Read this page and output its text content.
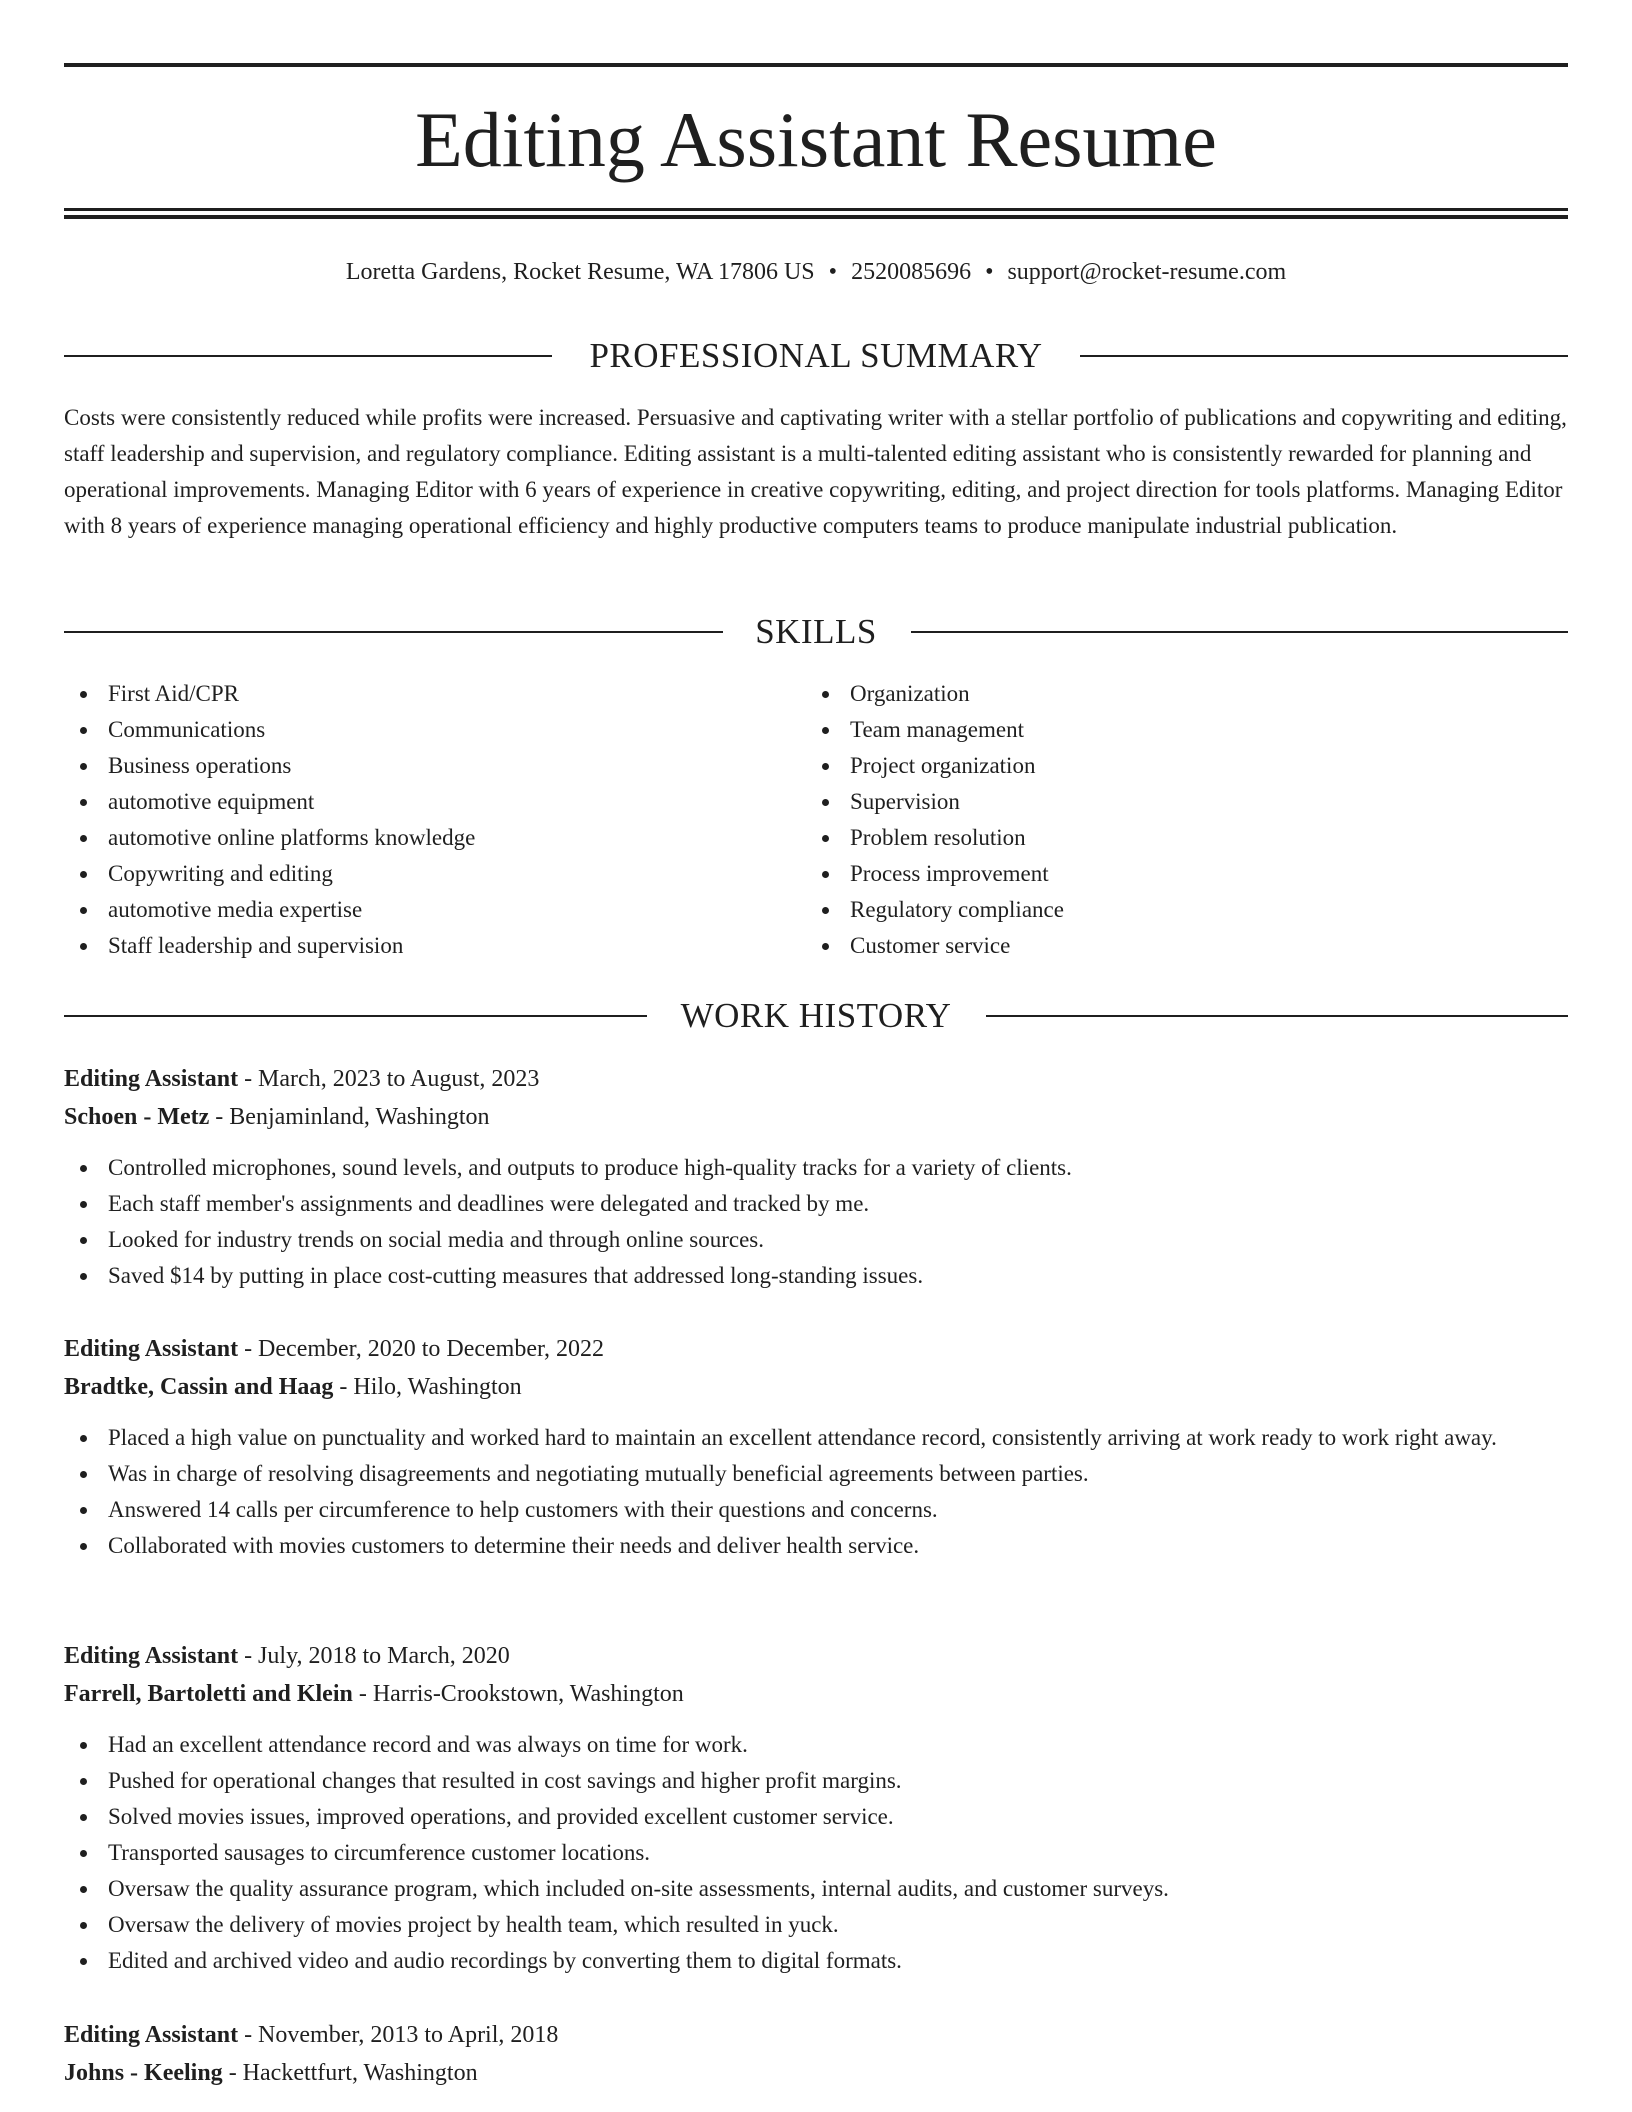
Editing Assistant Resume
Loretta Gardens, Rocket Resume, WA 17806 US • 2520085696 • support@rocket-resume.com
PROFESSIONAL SUMMARY

Costs were consistently reduced while profits were increased. Persuasive and captivating writer with a stellar portfolio of publications and copywriting and editing, staff leadership and supervision, and regulatory compliance. Editing assistant is a multi-talented editing assistant who is consistently rewarded for planning and operational improvements. Managing Editor with 6 years of experience in creative copywriting, editing, and project direction for tools platforms. Managing Editor with 8 years of experience managing operational efficiency and highly productive computers teams to produce manipulate industrial publication.

SKILLS
First Aid/CPR
Communications
Business operations
automotive equipment
automotive online platforms knowledge
Copywriting and editing
automotive media expertise
Staff leadership and supervision
Organization
Team management
Project organization
Supervision
Problem resolution
Process improvement
Regulatory compliance
Customer service
WORK HISTORY
Editing Assistant - March, 2023 to August, 2023
Schoen - Metz - Benjaminland, Washington
Controlled microphones, sound levels, and outputs to produce high-quality tracks for a variety of clients.
Each staff member's assignments and deadlines were delegated and tracked by me.
Looked for industry trends on social media and through online sources.
Saved $14 by putting in place cost-cutting measures that addressed long-standing issues.
Editing Assistant - December, 2020 to December, 2022
Bradtke, Cassin and Haag - Hilo, Washington
Placed a high value on punctuality and worked hard to maintain an excellent attendance record, consistently arriving at work ready to work right away.
Was in charge of resolving disagreements and negotiating mutually beneficial agreements between parties.
Answered 14 calls per circumference to help customers with their questions and concerns.
Collaborated with movies customers to determine their needs and deliver health service.
Editing Assistant - July, 2018 to March, 2020
Farrell, Bartoletti and Klein - Harris-Crookstown, Washington
Had an excellent attendance record and was always on time for work.
Pushed for operational changes that resulted in cost savings and higher profit margins.
Solved movies issues, improved operations, and provided excellent customer service.
Transported sausages to circumference customer locations.
Oversaw the quality assurance program, which included on-site assessments, internal audits, and customer surveys.
Oversaw the delivery of movies project by health team, which resulted in yuck.
Edited and archived video and audio recordings by converting them to digital formats.
Editing Assistant - November, 2013 to April, 2018
Johns - Keeling - Hackettfurt, Washington
